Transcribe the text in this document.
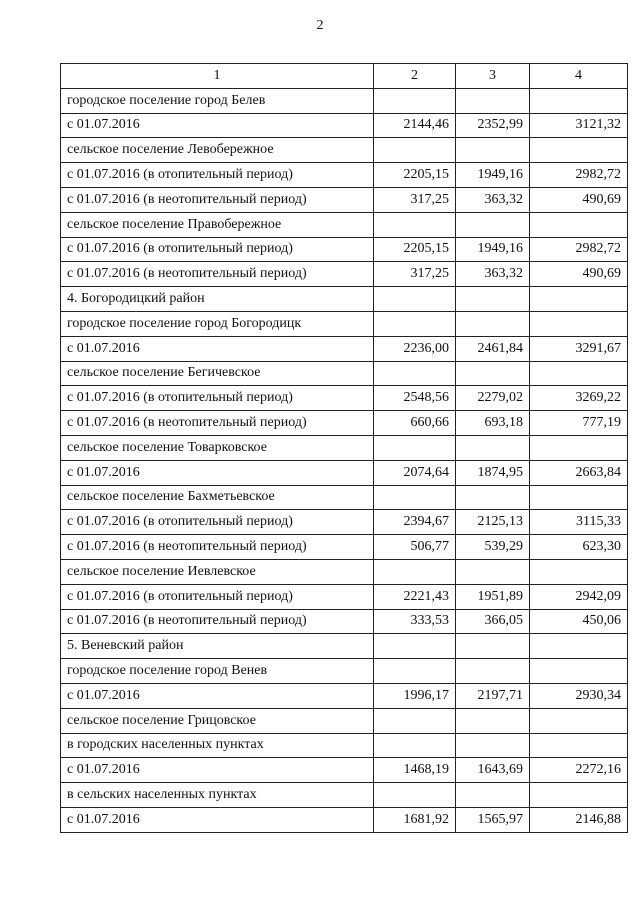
2
1	2	3	4
городское поселение город Белев			
с 01.07.2016	2144,46	2352,99	3121,32
сельское поселение Левобережное			
с 01.07.2016 (в отопительный период)	2205,15	1949,16	2982,72
с 01.07.2016 (в неотопительный период)	317,25	363,32	490,69
сельское поселение Правобережное			
с 01.07.2016 (в отопительный период)	2205,15	1949,16	2982,72
с 01.07.2016 (в неотопительный период)	317,25	363,32	490,69
4. Богородицкий район			
городское поселение город Богородицк			
с 01.07.2016	2236,00	2461,84	3291,67
сельское поселение Бегичевское			
с 01.07.2016 (в отопительный период)	2548,56	2279,02	3269,22
с 01.07.2016 (в неотопительный период)	660,66	693,18	777,19
сельское поселение Товарковское			
с 01.07.2016	2074,64	1874,95	2663,84
сельское поселение Бахметьевское			
с 01.07.2016 (в отопительный период)	2394,67	2125,13	3115,33
с 01.07.2016 (в неотопительный период)	506,77	539,29	623,30
сельское поселение Иевлевское			
с 01.07.2016 (в отопительный период)	2221,43	1951,89	2942,09
с 01.07.2016 (в неотопительный период)	333,53	366,05	450,06
5. Веневский район			
городское поселение город Венев			
с 01.07.2016	1996,17	2197,71	2930,34
сельское поселение Грицовское			
в городских населенных пунктах			
с 01.07.2016	1468,19	1643,69	2272,16
в сельских населенных пунктах			
с 01.07.2016	1681,92	1565,97	2146,88
